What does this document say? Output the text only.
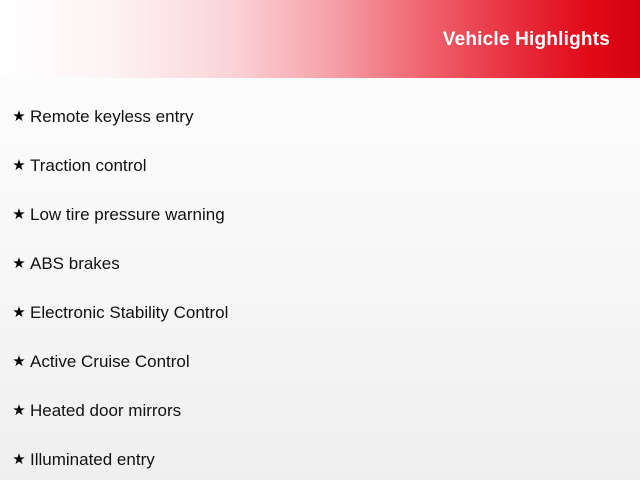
Vehicle Highlights
★ Remote keyless entry
★ Traction control
★ Low tire pressure warning
★ ABS brakes
★ Electronic Stability Control
★ Active Cruise Control
★ Heated door mirrors
★ Illuminated entry
